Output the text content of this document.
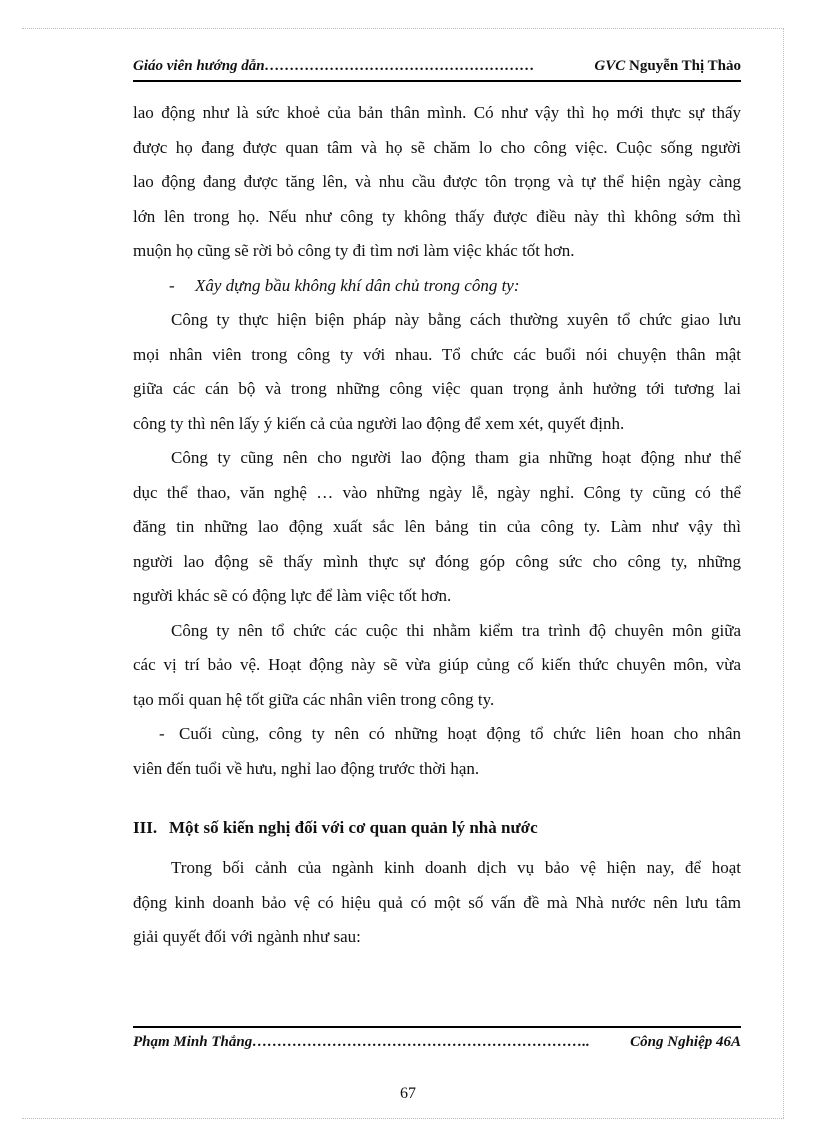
Giáo viên hướng dẫn………………………………………………	GVC Nguyễn Thị Thảo
lao động như là sức khoẻ của bản thân mình. Có như vậy thì họ mới thực sự thấy
được họ đang được quan tâm và họ sẽ chăm lo cho công việc. Cuộc sống người
lao động đang được tăng lên, và nhu cầu được tôn trọng và tự thể hiện ngày càng
lớn lên trong họ. Nếu như công ty không thấy được điều này thì không sớm thì
muộn họ cũng sẽ rời bỏ công ty đi tìm nơi làm việc khác tốt hơn.
- Xây dựng bầu không khí dân chủ trong công ty:
Công ty thực hiện biện pháp này bằng cách thường xuyên tổ chức giao lưu
mọi nhân viên trong công ty với nhau. Tổ chức các buổi nói chuyện thân mật
giữa các cán bộ và trong những công việc quan trọng ảnh hưởng tới tương lai
công ty thì nên lấy ý kiến cả của người lao động để xem xét, quyết định.
Công ty cũng nên cho người lao động tham gia những hoạt động như thể
dục thể thao, văn nghệ … vào những ngày lễ, ngày nghỉ. Công ty cũng có thể
đăng tin những lao động xuất sắc lên bảng tin của công ty. Làm như vậy thì
người lao động sẽ thấy mình thực sự đóng góp công sức cho công ty, những
người khác sẽ có động lực để làm việc tốt hơn.
Công ty nên tổ chức các cuộc thi nhằm kiểm tra trình độ chuyên môn giữa
các vị trí bảo vệ. Hoạt động này sẽ vừa giúp củng cố kiến thức chuyên môn, vừa
tạo mối quan hệ tốt giữa các nhân viên trong công ty.
- Cuối cùng, công ty nên có những hoạt động tổ chức liên hoan cho nhân
viên đến tuổi về hưu, nghỉ lao động trước thời hạn.
III. Một số kiến nghị đối với cơ quan quản lý nhà nước
Trong bối cảnh của ngành kinh doanh dịch vụ bảo vệ hiện nay, để hoạt
động kinh doanh bảo vệ có hiệu quả có một số vấn đề mà Nhà nước nên lưu tâm
giải quyết đối với ngành như sau:
Phạm Minh Thắng…………………………………………………………..	Công Nghiệp 46A
67
